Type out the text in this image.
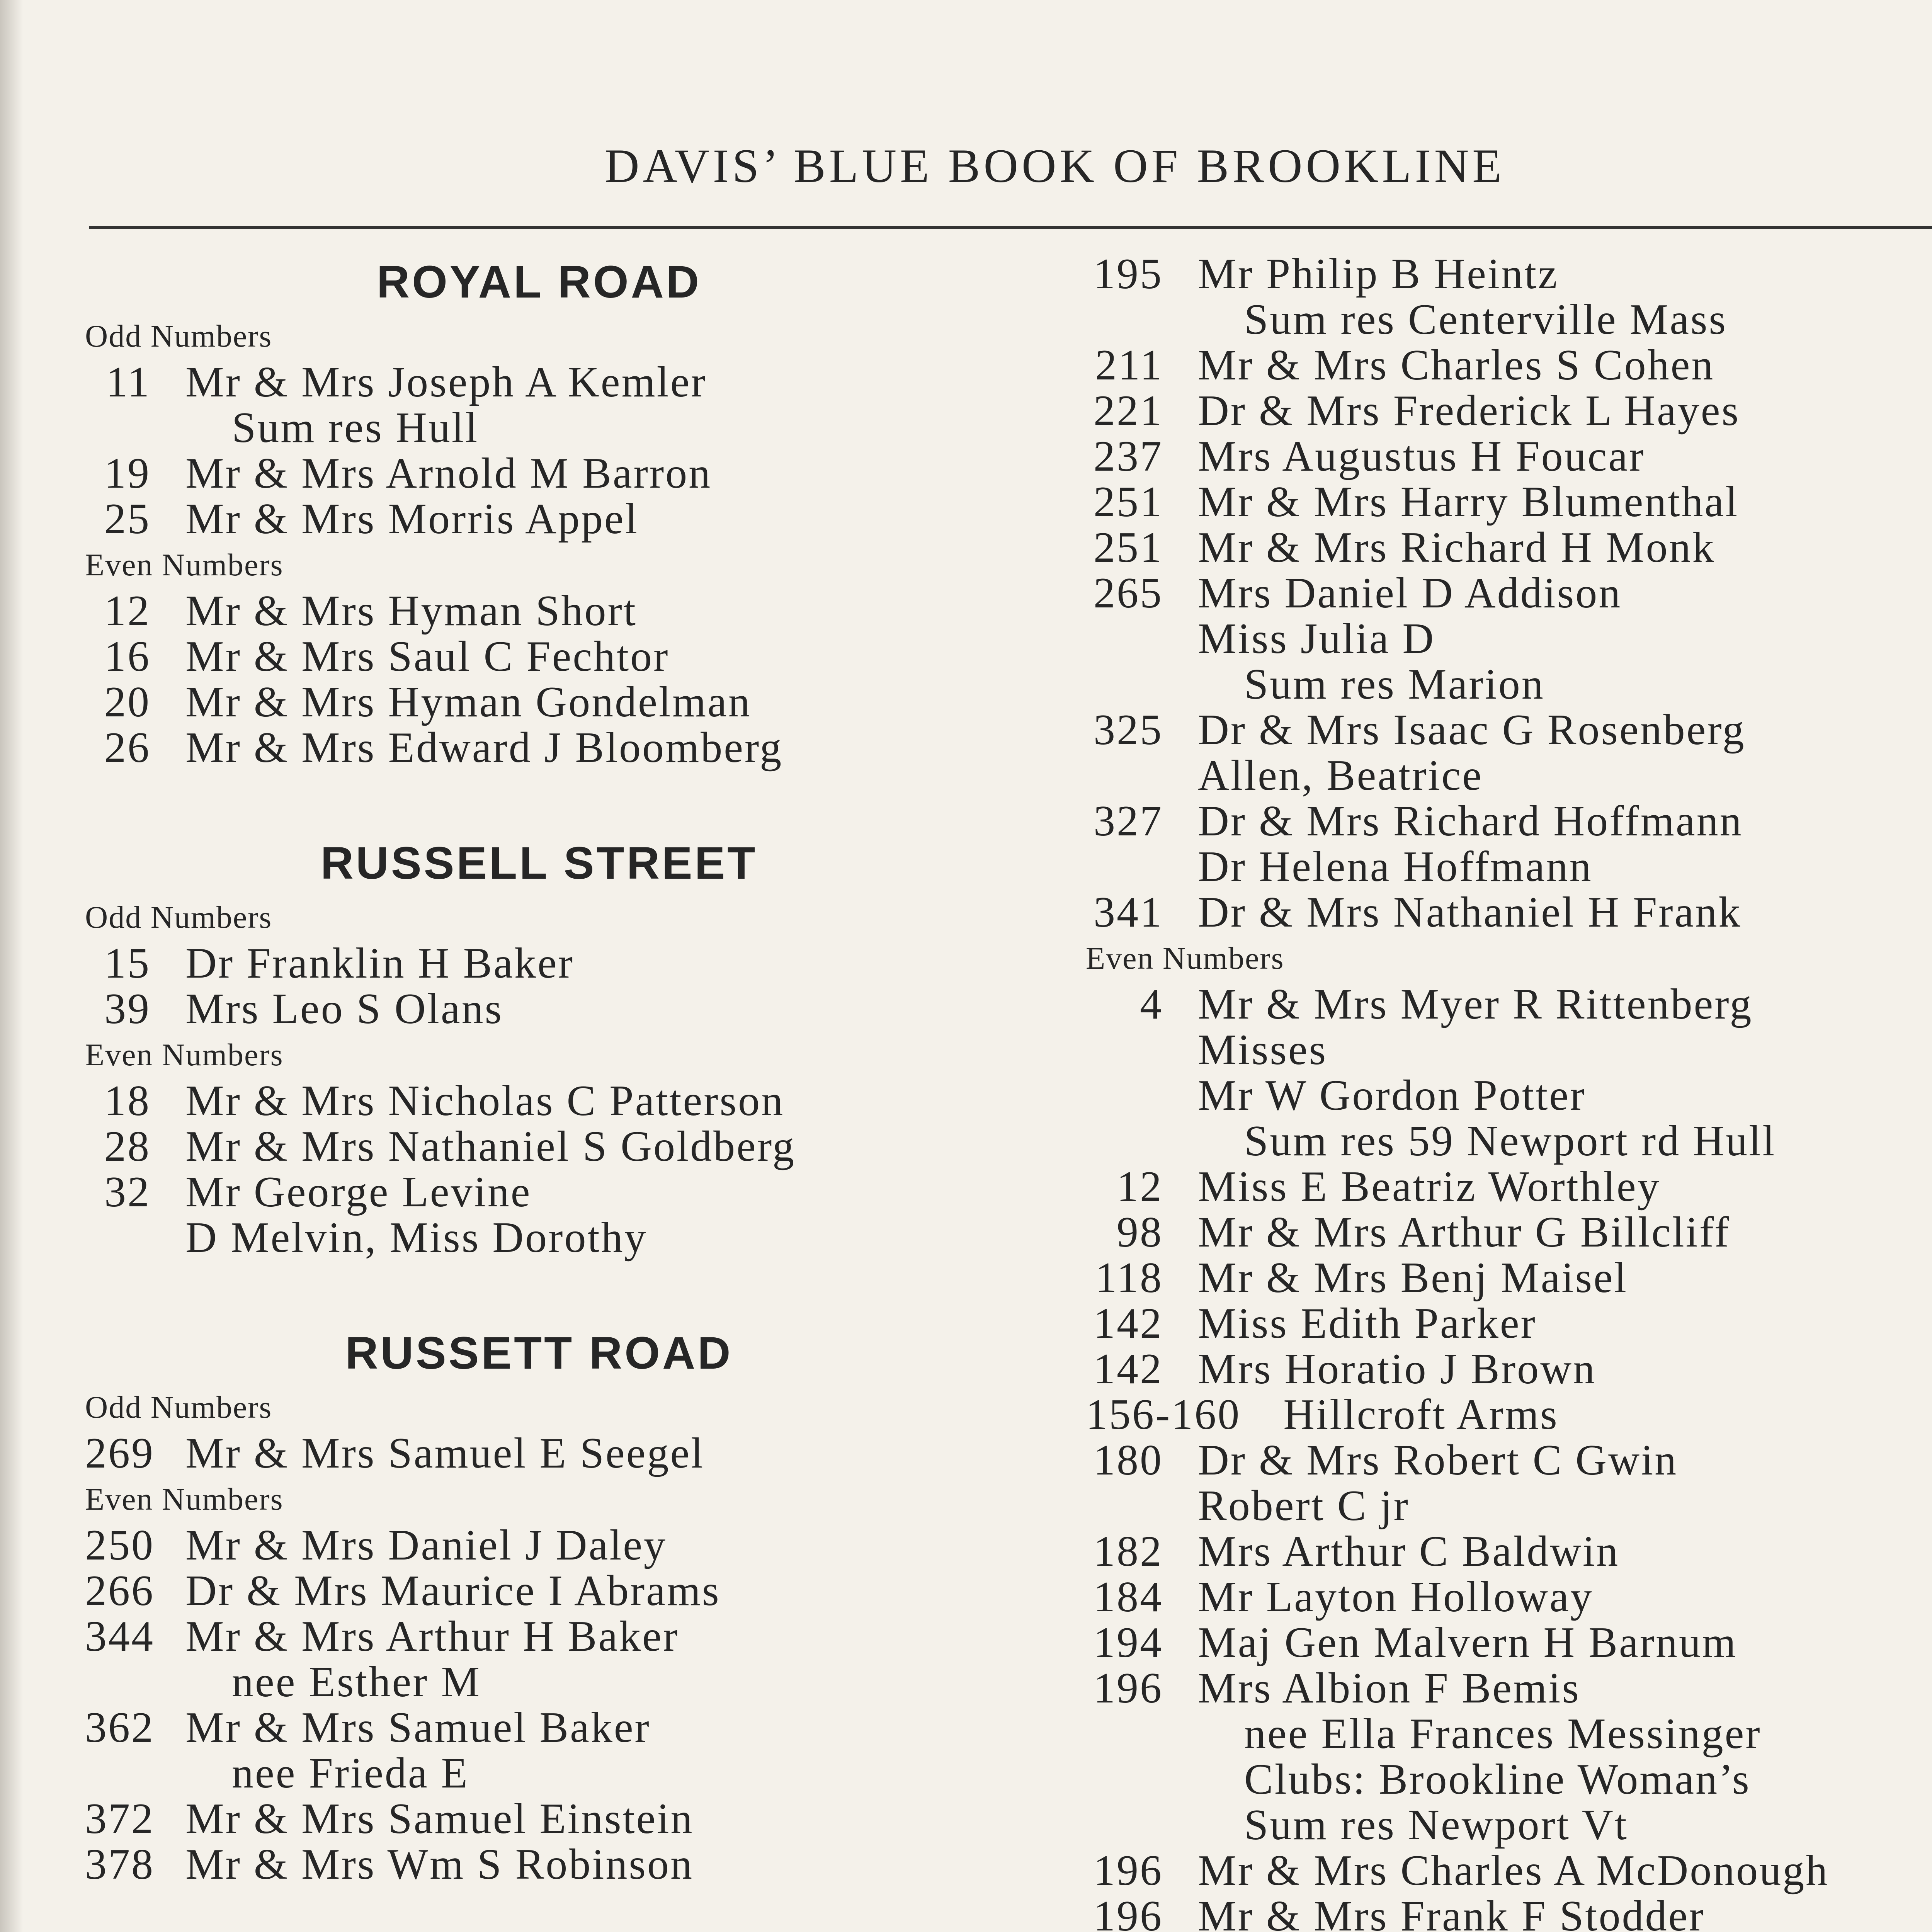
DAVIS’ BLUE BOOK OF BROOKLINE
ROYAL ROAD
Odd Numbers
11 Mr & Mrs Joseph A Kemler
Sum res Hull
19 Mr & Mrs Arnold M Barron
25 Mr & Mrs Morris Appel
Even Numbers
12 Mr & Mrs Hyman Short
16 Mr & Mrs Saul C Fechtor
20 Mr & Mrs Hyman Gondelman
26 Mr & Mrs Edward J Bloomberg
RUSSELL STREET
Odd Numbers
15 Dr Franklin H Baker
39 Mrs Leo S Olans
Even Numbers
18 Mr & Mrs Nicholas C Patterson
28 Mr & Mrs Nathaniel S Goldberg
32 Mr George Levine
D Melvin, Miss Dorothy
RUSSETT ROAD
Odd Numbers
269 Mr & Mrs Samuel E Seegel
Even Numbers
250 Mr & Mrs Daniel J Daley
266 Dr & Mrs Maurice I Abrams
344 Mr & Mrs Arthur H Baker
nee Esther M
362 Mr & Mrs Samuel Baker
nee Frieda E
372 Mr & Mrs Samuel Einstein
378 Mr & Mrs Wm S Robinson
195 Mr Philip B Heintz
Sum res Centerville Mass
211 Mr & Mrs Charles S Cohen
221 Dr & Mrs Frederick L Hayes
237 Mrs Augustus H Foucar
251 Mr & Mrs Harry Blumenthal
251 Mr & Mrs Richard H Monk
265 Mrs Daniel D Addison
Miss Julia D
Sum res Marion
325 Dr & Mrs Isaac G Rosenberg
Allen, Beatrice
327 Dr & Mrs Richard Hoffmann
Dr Helena Hoffmann
341 Dr & Mrs Nathaniel H Frank
Even Numbers
4 Mr & Mrs Myer R Rittenberg
Misses
Mr W Gordon Potter
Sum res 59 Newport rd Hull
12 Miss E Beatriz Worthley
98 Mr & Mrs Arthur G Billcliff
118 Mr & Mrs Benj Maisel
142 Miss Edith Parker
142 Mrs Horatio J Brown
156-160 Hillcroft Arms
180 Dr & Mrs Robert C Gwin
Robert C jr
182 Mrs Arthur C Baldwin
184 Mr Layton Holloway
194 Maj Gen Malvern H Barnum
196 Mrs Albion F Bemis
nee Ella Frances Messinger
Clubs: Brookline Woman’s
Sum res Newport Vt
196 Mr & Mrs Charles A McDonough
196 Mr & Mrs Frank F Stodder
